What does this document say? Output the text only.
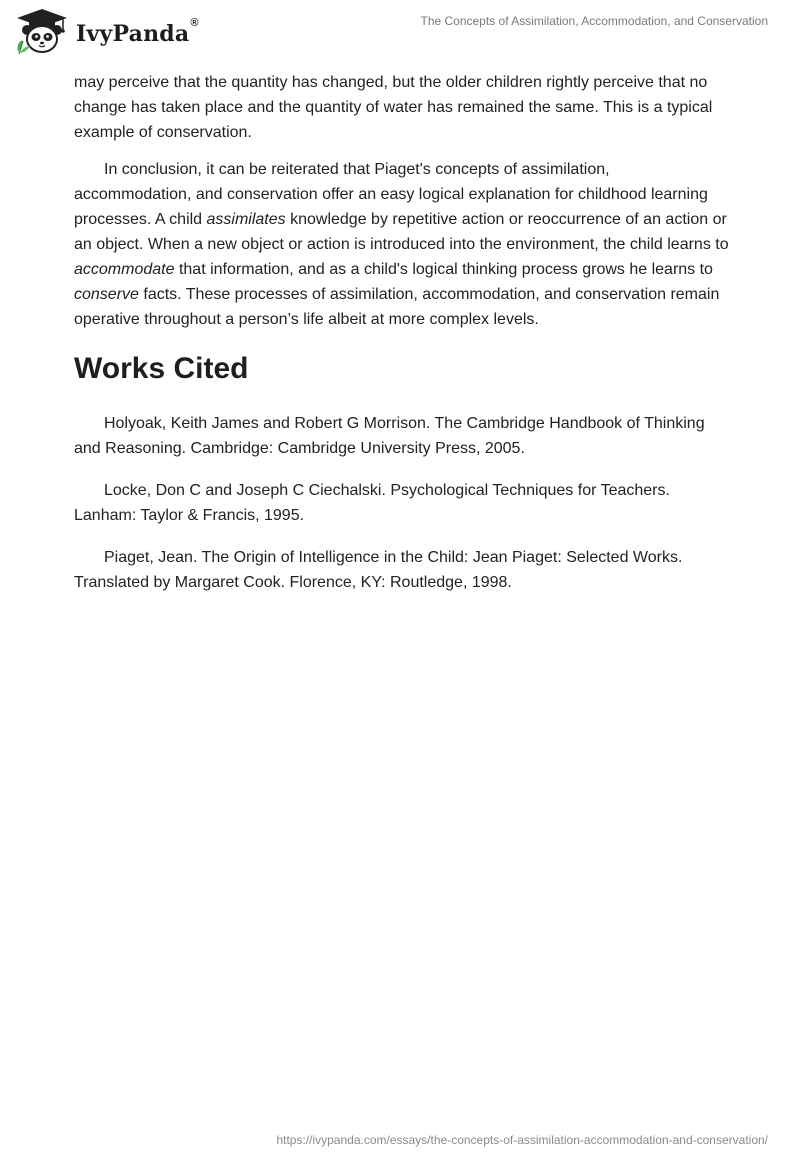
IvyPanda®	The Concepts of Assimilation, Accommodation, and Conservation

may perceive that the quantity has changed, but the older children rightly perceive that no change has taken place and the quantity of water has remained the same. This is a typical example of conservation.

In conclusion, it can be reiterated that Piaget's concepts of assimilation, accommodation, and conservation offer an easy logical explanation for childhood learning processes. A child assimilates knowledge by repetitive action or reoccurrence of an action or an object. When a new object or action is introduced into the environment, the child learns to accommodate that information, and as a child's logical thinking process grows he learns to conserve facts. These processes of assimilation, accommodation, and conservation remain operative throughout a person’s life albeit at more complex levels.

Works Cited

Holyoak, Keith James and Robert G Morrison. The Cambridge Handbook of Thinking and Reasoning. Cambridge: Cambridge University Press, 2005.

Locke, Don C and Joseph C Ciechalski. Psychological Techniques for Teachers. Lanham: Taylor & Francis, 1995.

Piaget, Jean. The Origin of Intelligence in the Child: Jean Piaget: Selected Works. Translated by Margaret Cook. Florence, KY: Routledge, 1998.

https://ivypanda.com/essays/the-concepts-of-assimilation-accommodation-and-conservation/
